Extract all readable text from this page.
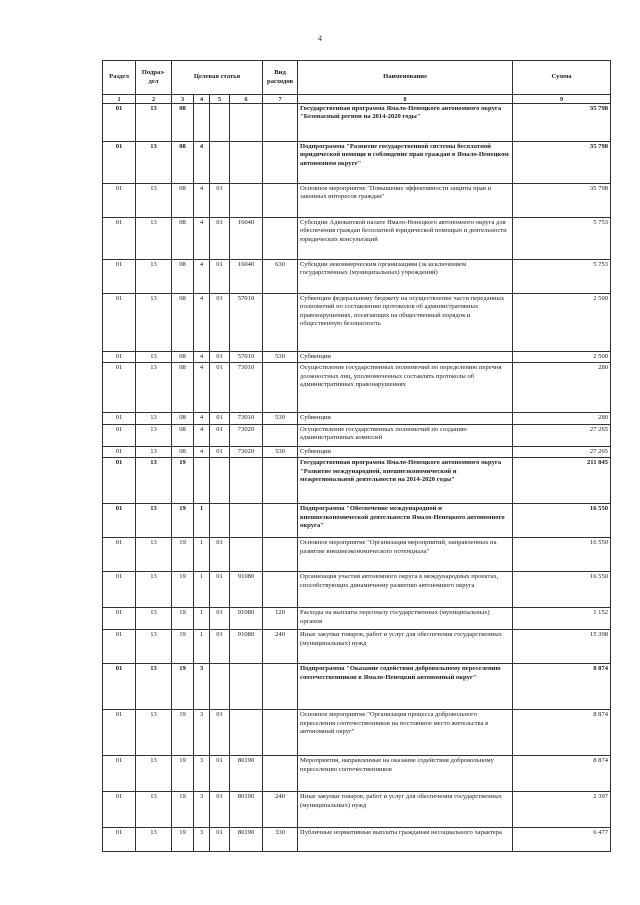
4
Раздел	Подраз-дел	Целевая статья				Вид расходов	Наименование	Сумма
1	2	3	4	5	6	7	8	9
01	13	08					Государственная программа Ямало-Ненецкого автономного округа "Безопасный регион на 2014-2020 годы"	35 798
01	13	08	4				Подпрограмма "Развитие государственной системы бесплатной юридической помощи и соблюдение прав граждан в Ямало-Ненецком автономном округе"	35 798
01	13	08	4	01			Основное мероприятие "Повышение эффективности защиты прав и законных интересов граждан"	35 798
01	13	08	4	01	16040		Субсидии Адвокатской палате Ямало-Ненецкого автономного округа для обеспечения граждан бесплатной юридической помощью и деятельности юридических консультаций	5 753
01	13	08	4	01	16040	630	Субсидии некоммерческим организациям (за исключением государственных (муниципальных) учреждений)	5 753
01	13	08	4	01	57010		Субвенции федеральному бюджету на осуществление части переданных полномочий по составлению протоколов об административных правонарушениях, посягающих на общественный порядок и общественную безопасность	2 500
01	13	08	4	01	57010	530	Субвенции	2 500
01	13	08	4	01	73010		Осуществление государственных полномочий по определению перечня должностных лиц, уполномоченных составлять протоколы об административных правонарушениях	280
01	13	08	4	01	73010	530	Субвенции	280
01	13	08	4	01	73020		Осуществление государственных полномочий по созданию административных комиссий	27 265
01	13	08	4	01	73020	530	Субвенции	27 265
01	13	19					Государственная программа Ямало-Ненецкого автономного округа "Развитие международной, внешнеэкономической и межрегиональной деятельности на 2014-2020 годы"	211 845
01	13	19	1				Подпрограмма "Обеспечение международной и внешнеэкономической деятельности Ямало-Ненецкого автономного округа"	16 550
01	13	19	1	01			Основное мероприятие "Организация мероприятий, направленных на развитие внешнеэкономического потенциала"	16 550
01	13	19	1	01	91080		Организация участия автономного округа в международных проектах, способствующих динамичному развитию автономного округа	16 550
01	13	19	1	01	91080	120	Расходы на выплаты персоналу государственных (муниципальных) органов	1 152
01	13	19	1	01	91080	240	Иные закупки товаров, работ и услуг для обеспечения государственных (муниципальных) нужд	15 398
01	13	19	3				Подпрограмма "Оказание содействия добровольному переселению соотечественников в Ямало-Ненецкий автономный округ"	8 874
01	13	19	3	01			Основное мероприятие "Организация процесса добровольного переселения соотечественников на постоянное место жительства в автономный округ"	8 874
01	13	19	3	01	80190		Мероприятия, направленные на оказание содействия добровольному переселению соотечественников	8 874
01	13	19	3	01	80190	240	Иные закупки товаров, работ и услуг для обеспечения государственных (муниципальных) нужд	2 397
01	13	19	3	01	80190	330	Публичные нормативные выплаты гражданам несоциального характера	6 477
